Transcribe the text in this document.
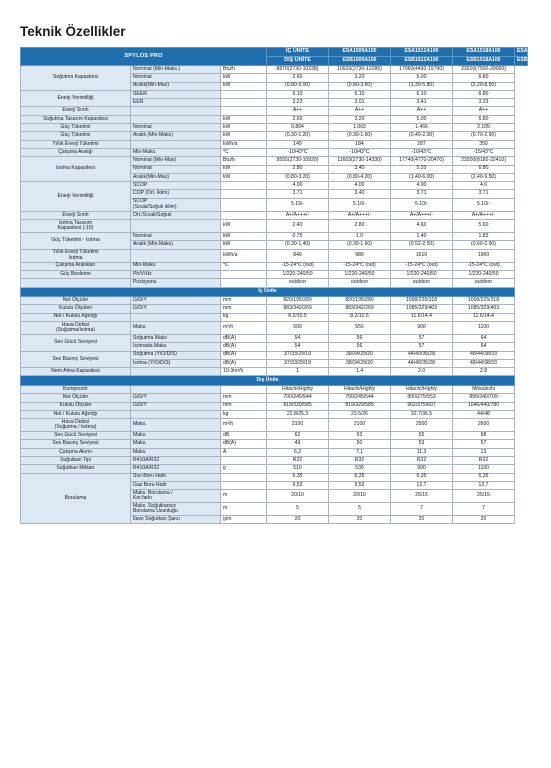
Teknik Özellikler
SPYLOS PRO			İÇ ÜNİTE	ESA1509A100	ESA1512A100	ESA1518A100	ESA1524A100
			DIŞ ÜNİTE	ESB1509A100	ESB1512A100	ESB1518A100	ESB1524A100
Soğutma Kapasitesi	Nominal (Min-Maks.)	Btu/h	8870(2730-10238)	10920(2730-12286)	17060(4430-19790)	23200(7500-29000)	
	Nominal	kW	2.60	3.20	5.00	6.80	
	Aralık(Min-Max)	kW	(0.80-3.00)	(0.80-3.60)	(1.30-5.80)	(2.20-8.50)	
Enerji Verimliliği	SEER		6.10	6.10	6.10	6.80	
	EER		3.23	3.01	3.41	3.23	
Enerji Sınıfı			A++	A++	A++	A++	
Soğutma Tasarım Kapasitesi		kW	2.60	3.20	5.00	6.80	
Güç Tüketimi	Nominal	kW	0.804	1.063	1.466	2.105	
Güç Tüketimi	Aralık (Min-Maks)	kW	(0.30-1.20)	(0.30-1.60)	(0.40-2.00)	(0.70-2.90)	
Yıllık Enerji Tüketimi		kWh/a	149	184	287	350	
Çalışma Aralığı	Min-Maks.	°C	-10/43°C	-10/43°C	-10/43°C	-15/43°C	
Isıtma Kapasitesi	Nominal (Min-Max)	Btu/h	9555(2730-10920)	11603(2730-14330)	17740(4770-20470)	23200(8180-32410)	
	Nominal	kW	2.80	3.40	5.20	6.80	
	Aralık(Min-Max)	kW	(0.80-3.20)	(0.80-4.20)	(1.40-6.00)	(2.40-9.50)	
Enerji Verimliliği	SCOP		4.00	4.00	4.00	4.0	
	COP (Ort. İklim)		3.71	3.40	3.71	3.71	
	SCOP
(Sıcak/Soğuk iklim)		5.10/-	5.10/-	5.10/-	5.10/-	
Enerji Sınıfı	Ort./Sıcak/Soğuk		A+/A+++/-	A+/A+++/-	A+/A+++/-	A+/A+++/-	
Isıtma Tasarım
Kapasitesi (-10)		kW	2.40	2.80	4.60	5.60	
Güç Tüketimi - Isıtma	Nominal	kW	0.75	1.0	1.40	1.83	
	Aralık (Min-Maks)	kW	(0.30-1.40)	(0.30-1.60)	(0.52-2.50)	(0.60-2.90)	
Yıllık Enerji Tüketimi
Isıtma		kWh/a	840	980	1610	1960	
Çalışma Aralıkları	Min-Maks.	°C	-15-24°C (out)	-15-24°C (out)	-15-24°C (out)	-15-24°C (out)	
Güç Besleme	Ph/V/Hz		1/220-240/50	1/220-240/50	1/220-240/50	1/220-240/50	
	Pozisyonu		outdoor	outdoor	outdoor	outdoor	
İç Ünite							
Net Ölçüler	G/D/Y	mm	820/195/280	820/195/280	1008/225/318	1008/225/318	
Kutulu Ölçüleri	G/D/Y	mm	883/342/269	883/342/269	1085/329/403	1085/329/403	
Net / Kutulu Ağırlığı		kg	8.2/10.5	8.2/10.5	11.6/14.4	11.6/14.4	
Hava Debisi
(Soğutma/Isıtma)	Maks.	m³/h	500	550	900	1100	
Ses Gücü Seviyesi	Soğutma Maks	dB(A)	54	56	57	64	
	Isıtmada Maks.	dB(A)	54	56	57	64	
Ses Basınç Seviyesi	Soğutma (Y/O/D/S)	dB(A)	37/33/29/19	38/34/29/20	44/40/35/28	48/44/38/33	
	Isıtma (Y/O/D/S)	dB(A)	37/33/29/19	38/34/29/20	44/40/35/28	48/44/38/33	
Nem Alma Kapasitesi		10-3m³/h	1	1,4	2.0	2.8	
Dış Ünite							
Kompresör			Hitachi/Highly	Hitachi/Highly	Hitachi/Highly	Mitsubishi	
Net Ölçüler	G/D/Y	mm	700/245/544	700/245/544	800/275/553	890/340/705	
Kutulu Ölçüler	G/D/Y	mm	819/320/585	819/320/585	902/375/607	1046/440/780	
Net / Kutulu Ağırlığı		kg	22.8/25.3	23.5/26	32.7/36.5	44/48	
Hava Debisi
(Soğutma / Isıtma)	Maks.	m³/h	2100	2100	2500	2600	
Ses Gücü Seviyesi	Maks.	dB	62	63	65	68	
Ses Basınç Seviyesi	Maks.	dB(A)	49	50	53	57	
Çalışma Akımı	Maks.	A	6,2	7,1	11,3	13	
Soğutkan Tipi	R410A/R32		R32	R32	R32	R32	
Soğutkan Miktarı	R410A/R32	g	510	530	900	1100	
Borulama	Sıvı Boru Hattı		6,35	6,35	6,35	6,35	
	Gaz Boru Hattı		9,52	9,52	12,7	12,7	
	Maks. Borulama /
Kot farkı	m	20/10	20/10	25/15	25/15	
	Maks. Soğutkansız
Borulama Uzunluğu	m	5	5	7	7	
	İlave Soğutkan Şarzı	g/m	20	20	20	20	
